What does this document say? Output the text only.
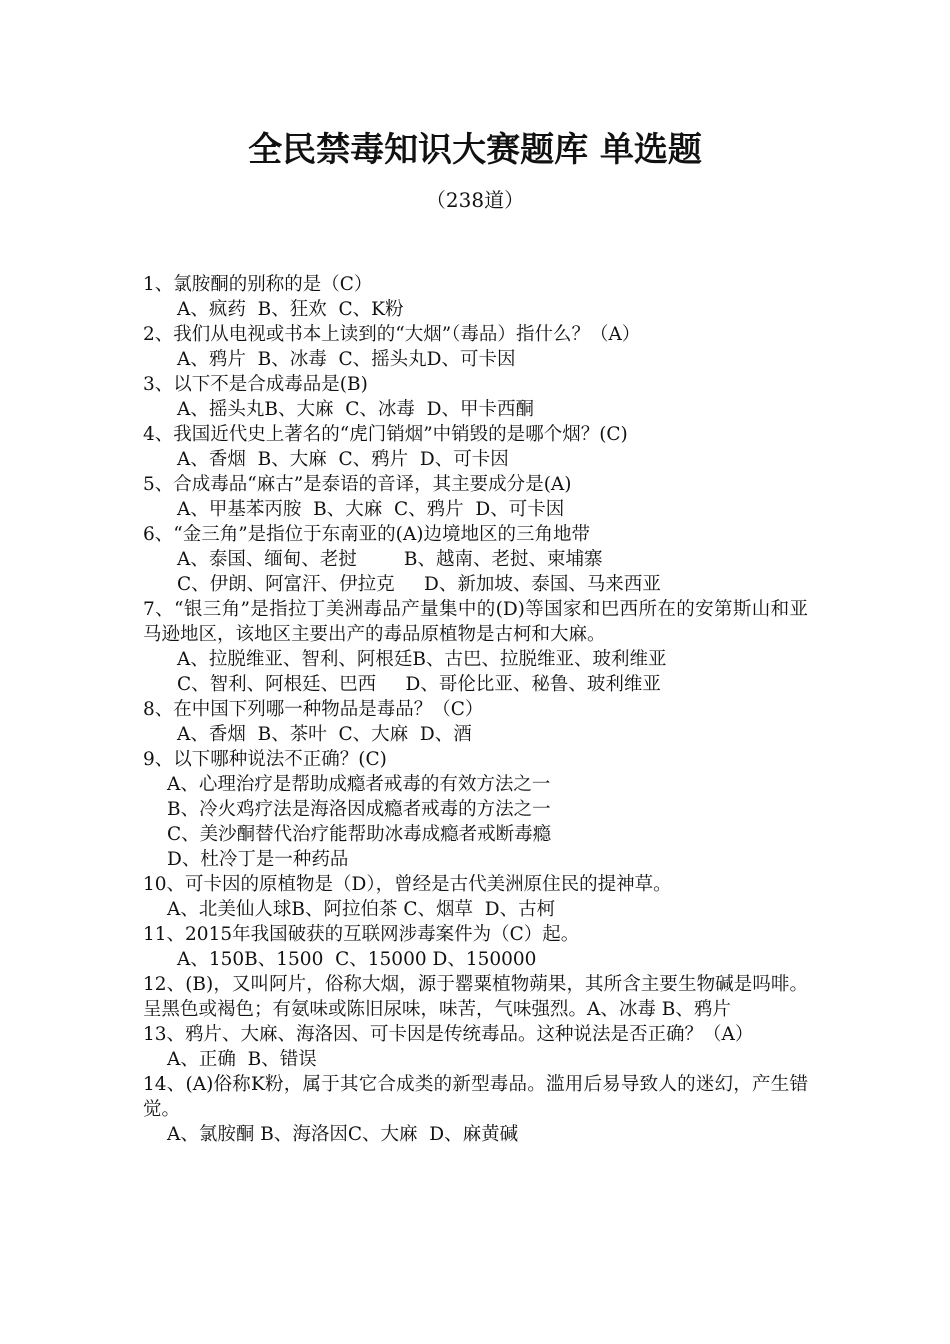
全民禁毒知识大赛题库 单选题
（238道）
1、氯胺酮的别称的是（C）
A、疯药  B、狂欢  C、K粉
2、我们从电视或书本上读到的“大烟”（毒品）指什么？（A）
A、鸦片  B、冰毒  C、摇头丸D、可卡因
3、以下不是合成毒品是(B)
A、摇头丸B、大麻  C、冰毒  D、甲卡西酮
4、我国近代史上著名的“虎门销烟”中销毁的是哪个烟？(C)
A、香烟  B、大麻  C、鸦片  D、可卡因
5、合成毒品“麻古”是泰语的音译，其主要成分是(A)
A、甲基苯丙胺  B、大麻  C、鸦片  D、可卡因
6、“金三角”是指位于东南亚的(A)边境地区的三角地带
A、泰国、缅甸、老挝        B、越南、老挝、柬埔寨
C、伊朗、阿富汗、伊拉克     D、新加坡、泰国、马来西亚
7、“银三角”是指拉丁美洲毒品产量集中的(D)等国家和巴西所在的安第斯山和亚马逊地区，该地区主要出产的毒品原植物是古柯和大麻。
A、拉脱维亚、智利、阿根廷B、古巴、拉脱维亚、玻利维亚
C、智利、阿根廷、巴西     D、哥伦比亚、秘鲁、玻利维亚
8、在中国下列哪一种物品是毒品？（C）
A、香烟  B、茶叶  C、大麻  D、酒
9、以下哪种说法不正确？(C)
A、心理治疗是帮助成瘾者戒毒的有效方法之一
B、冷火鸡疗法是海洛因成瘾者戒毒的方法之一
C、美沙酮替代治疗能帮助冰毒成瘾者戒断毒瘾
D、杜冷丁是一种药品
10、可卡因的原植物是（D），曾经是古代美洲原住民的提神草。
A、北美仙人球B、阿拉伯茶 C、烟草  D、古柯
11、2015年我国破获的互联网涉毒案件为（C）起。
A、150B、1500  C、15000 D、150000
12、(B)，又叫阿片，俗称大烟，源于罂粟植物蒴果，其所含主要生物碱是吗啡。呈黑色或褐色；有氨味或陈旧尿味，味苦，气味强烈。A、冰毒 B、鸦片
13、鸦片、大麻、海洛因、可卡因是传统毒品。这种说法是否正确？（A）
A、正确  B、错误
14、(A)俗称K粉，属于其它合成类的新型毒品。滥用后易导致人的迷幻，产生错觉。
A、氯胺酮 B、海洛因C、大麻  D、麻黄碱
